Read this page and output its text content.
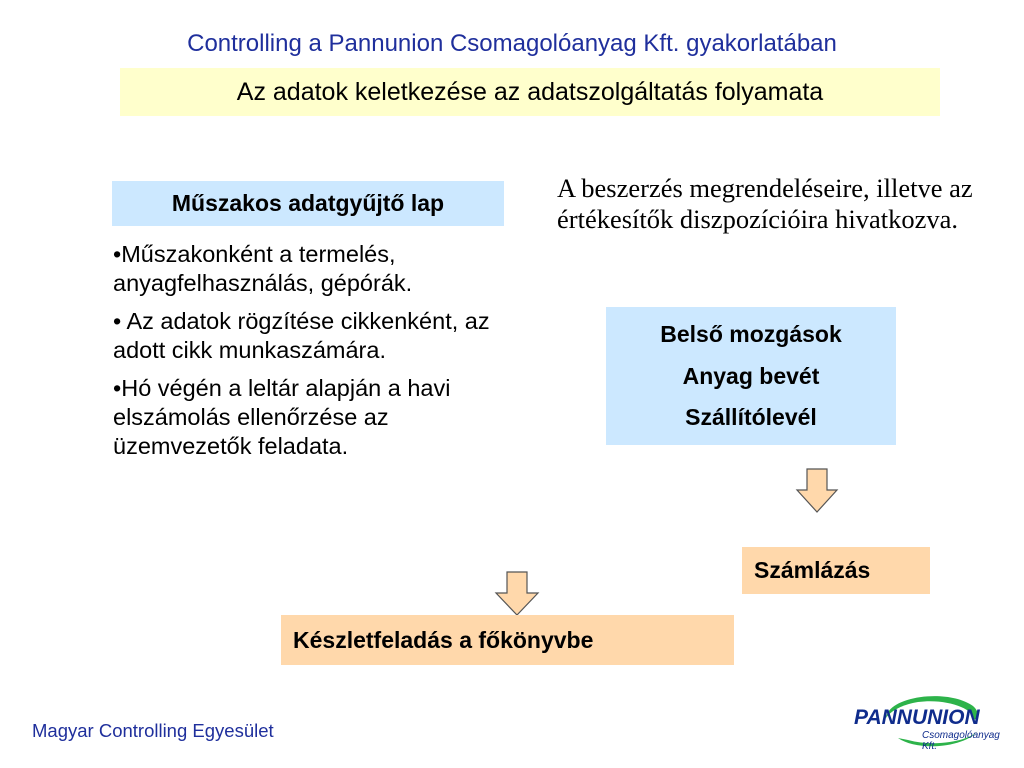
Controlling a Pannunion Csomagolóanyag Kft. gyakorlatában
Az adatok keletkezése az adatszolgáltatás folyamata
Műszakos adatgyűjtő lap

•Műszakonként a termelés, anyagfelhasználás, gépórák.

• Az adatok rögzítése cikkenként, az adott cikk munkaszámára.

•Hó végén a leltár alapján a havi elszámolás ellenőrzése az üzemvezetők feladata.

A beszerzés megrendeléseire, illetve az értékesítők diszpozícióira hivatkozva.
Belső mozgások
Anyag bevét
Szállítólevél
Számlázás
Készletfeladás a főkönyvbe
Magyar Controlling Egyesület
PANNUNION
Csomagolóanyag Kft.
